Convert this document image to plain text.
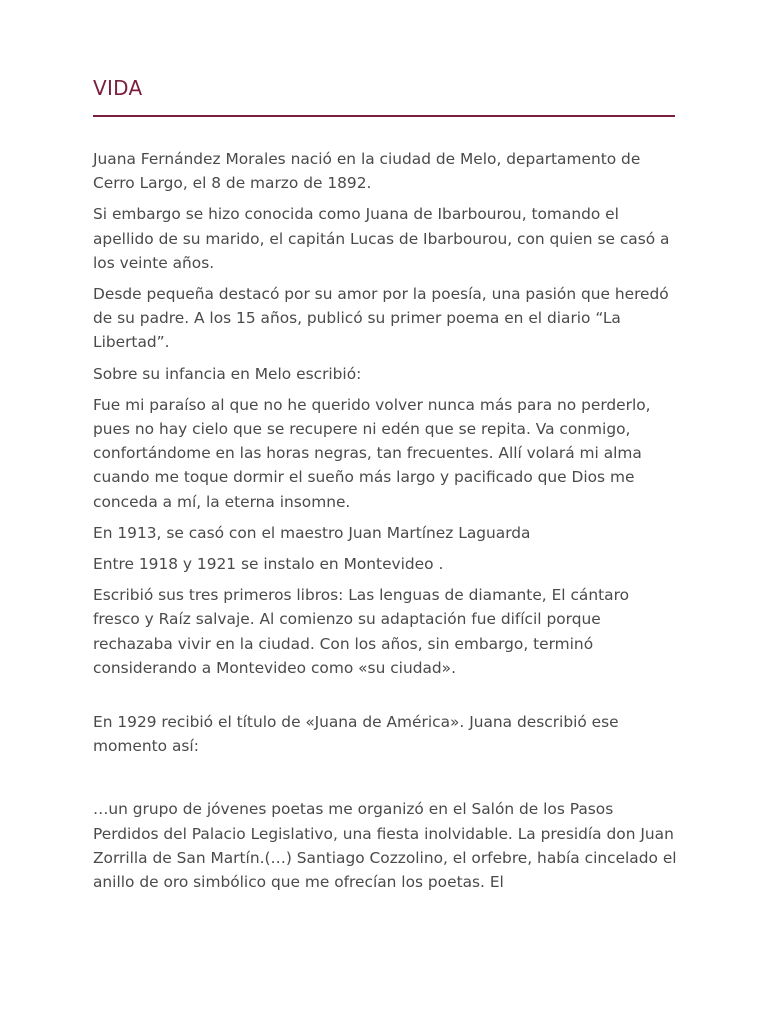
VIDA

Juana Fernández Morales nació en la ciudad de Melo, departamento de Cerro Largo, el 8 de marzo de 1892.

Si embargo se hizo conocida como Juana de Ibarbourou, tomando el apellido de su marido, el capitán Lucas de Ibarbourou, con quien se casó a los veinte años.

Desde pequeña destacó por su amor por la poesía, una pasión que heredó de su padre. A los 15 años, publicó su primer poema en el diario “La Libertad”.

Sobre su infancia en Melo escribió:

Fue mi paraíso al que no he querido volver nunca más para no perderlo, pues no hay cielo que se recupere ni edén que se repita. Va conmigo, confortándome en las horas negras, tan frecuentes. Allí volará mi alma cuando me toque dormir el sueño más largo y pacificado que Dios me conceda a mí, la eterna insomne.

En 1913, se casó con el maestro Juan Martínez Laguarda

Entre 1918 y 1921 se instalo en Montevideo .

Escribió sus tres primeros libros: Las lenguas de diamante, El cántaro fresco y Raíz salvaje. Al comienzo su adaptación fue difícil porque rechazaba vivir en la ciudad. Con los años, sin embargo, terminó considerando a Montevideo como «su ciudad».

En 1929 recibió el título de «Juana de América». Juana describió ese momento así:

…un grupo de jóvenes poetas me organizó en el Salón de los Pasos Perdidos del Palacio Legislativo, una fiesta inolvidable. La presidía don Juan Zorrilla de San Martín.(…) Santiago Cozzolino, el orfebre, había cincelado el anillo de oro simbólico que me ofrecían los poetas. El
